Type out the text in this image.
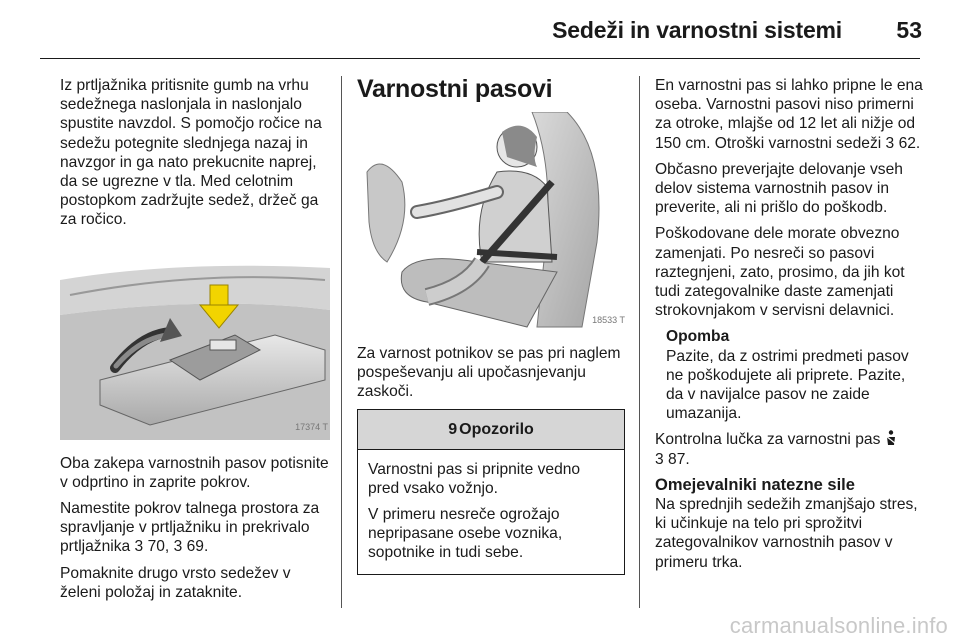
Sedeži in varnostni sistemi 53

Iz prtljažnika pritisnite gumb na vrhu sedežnega naslonjala in naslonjalo spustite navzdol. S pomočjo ročice na sedežu potegnite slednjega nazaj in navzgor in ga nato prekucnite naprej, da se ugrezne v tla. Med celotnim postopkom zadržujte sedež, držeč ga za ročico.

17374 T

Oba zakepa varnostnih pasov potisnite v odprtino in zaprite pokrov.

Namestite pokrov talnega prostora za spravljanje v prtljažniku in prekrivalo prtljažnika 3 70, 3 69.

Pomaknite drugo vrsto sedežev v želeni položaj in zataknite.

Varnostni pasovi
18533 T

Za varnost potnikov se pas pri naglem pospeševanju ali upočasnjevanju zaskoči.

9 Opozorilo

Varnostni pas si pripnite vedno pred vsako vožnjo.

V primeru nesreče ogrožajo nepripasane osebe voznika, sopotnike in tudi sebe.

En varnostni pas si lahko pripne le ena oseba. Varnostni pasovi niso primerni za otroke, mlajše od 12 let ali nižje od 150 cm. Otroški varnostni sedeži 3 62.

Občasno preverjajte delovanje vseh delov sistema varnostnih pasov in preverite, ali ni prišlo do poškodb.

Poškodovane dele morate obvezno zamenjati. Po nesreči so pasovi raztegnjeni, zato, prosimo, da jih kot tudi zategovalnike daste zamenjati strokovnjakom v servisni delavnici.

Opomba
Pazite, da z ostrimi predmeti pasov ne poškodujete ali priprete. Pazite, da v navijalce pasov ne zaide umazanija.

Kontrolna lučka za varnostni pas
3 87.

Omejevalniki natezne sile

Na sprednjih sedežih zmanjšajo stres, ki učinkuje na telo pri sprožitvi zategovalnikov varnostnih pasov v primeru trka.

carmanualsonline.info
